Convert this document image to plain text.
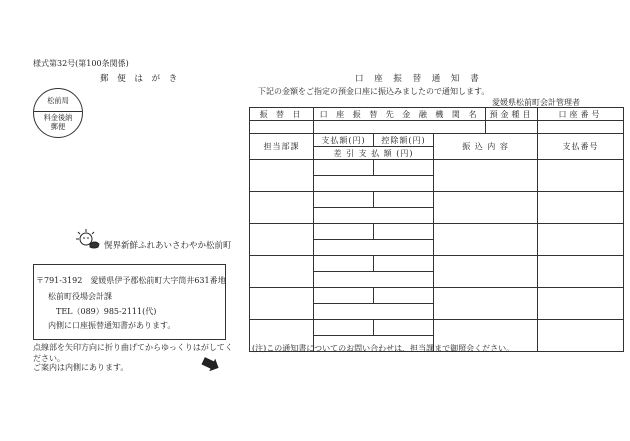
様式第32号(第100条関係)
郵 便 は が き
松前局
料金後納
郵便
愰界新鮮ふれあいさわやか松前町
〒791-3192　愛媛県伊予郡松前町大字筒井631番地
松前町役場会計課
TEL（089）985-2111(代)
内側に口座振替通知書があります。
点線部を矢印方向に折り曲げてからゆっくりはがしてください。
ご案内は内側にあります。
口 座 振 替 通 知 書
下記の金額をご指定の預金口座に振込みましたので通知します。
愛媛県松前町会計管理者
振 替 日	口 座 振 替 先 金 融 機 関 名			預金種目	口座番号

担当部課	支払額(円)	控除額(円)	振 込 内 容		支払番号
	差 引 支 払 額 (円)				

(注)この通知書についてのお問い合わせは、担当課まで御照会ください。
